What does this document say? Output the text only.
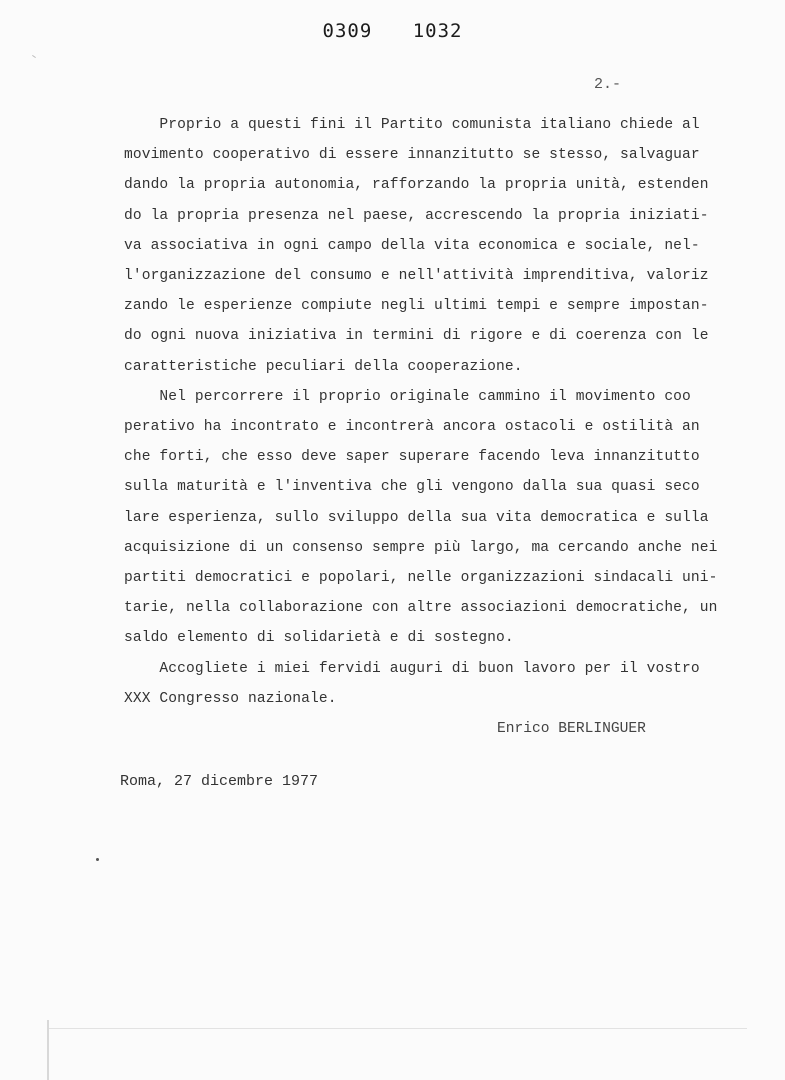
0309 1032
2.-
Proprio a questi fini il Partito comunista italiano chiede al
movimento cooperativo di essere innanzitutto se stesso, salvaguar
dando la propria autonomia, rafforzando la propria unità, estenden
do la propria presenza nel paese, accrescendo la propria iniziati-
va associativa in ogni campo della vita economica e sociale, nel-
l'organizzazione del consumo e nell'attività imprenditiva, valoriz
zando le esperienze compiute negli ultimi tempi e sempre impostan-
do ogni nuova iniziativa in termini di rigore e di coerenza con le
caratteristiche peculiari della cooperazione.
Nel percorrere il proprio originale cammino il movimento coo
perativo ha incontrato e incontrerà ancora ostacoli e ostilità an
che forti, che esso deve saper superare facendo leva innanzitutto
sulla maturità e l'inventiva che gli vengono dalla sua quasi seco
lare esperienza, sullo sviluppo della sua vita democratica e sulla
acquisizione di un consenso sempre più largo, ma cercando anche nei
partiti democratici e popolari, nelle organizzazioni sindacali uni-
tarie, nella collaborazione con altre associazioni democratiche, un
saldo elemento di solidarietà e di sostegno.
Accogliete i miei fervidi auguri di buon lavoro per il vostro
XXX Congresso nazionale.
Enrico BERLINGUER
Roma, 27 dicembre 1977
